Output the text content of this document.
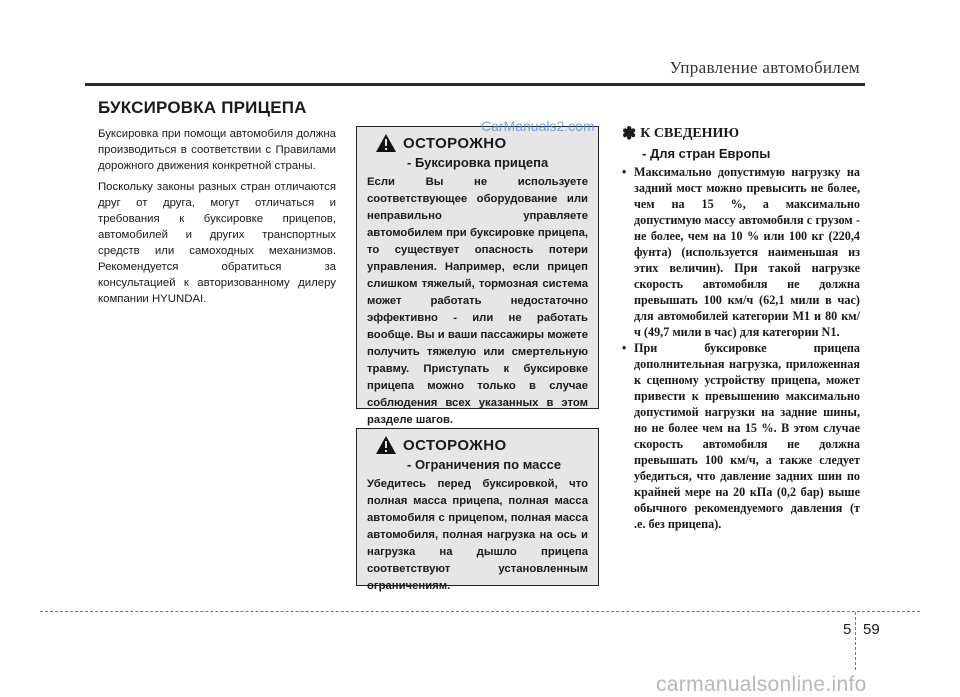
Управление автомобилем
БУКСИРОВКА ПРИЦЕПА

Буксировка при помощи автомобиля должна производиться в соответствии с Правилами дорожного движения конкретной страны.

Поскольку законы разных стран отличаются друг от друга, могут отличаться и требования к буксировке прицепов, автомобилей и других транспортных средств или самоходных механизмов. Рекомендуется обратиться за консультацией к авторизованному дилеру компании HYUNDAI.

ОСТОРОЖНО
- Буксировка прицепа
Если Вы не используете соответствующее оборудование или неправильно управляете автомобилем при буксировке прицепа, то существует опасность потери управления. Например, если прицеп слишком тяжелый, тормозная система может работать недостаточно эффективно - или не работать вообще. Вы и ваши пассажиры можете получить тяжелую или смертельную травму. Приступать к буксировке прицепа можно только в случае соблюдения всех указанных в этом разделе шагов.
ОСТОРОЖНО
- Ограничения по массе
Убедитесь перед буксировкой, что полная масса прицепа, полная масса автомобиля с прицепом, полная масса автомобиля, полная нагрузка на ось и нагрузка на дышло прицепа соответствуют установленным ограничениям.
CarManuals2.com ✽ К СВЕДЕНИЮ
- Для стран Европы

• Максимально допустимую нагрузку на задний мост можно превысить не более, чем на 15 %, а максимально допустимую массу автомобиля с грузом - не более, чем на 10 % или 100 кг (220,4 фунта) (используется наименьшая из этих величин). При такой нагрузке скорость автомобиля не должна превышать 100 км/ч (62,1 мили в час) для автомобилей категории M1 и 80 км/ч (49,7 мили в час) для категории N1.

• При буксировке прицепа дополнительная нагрузка, приложенная к сцепному устройству прицепа, может привести к превышению максимально допустимой нагрузки на задние шины, но не более чем на 15 %. В этом случае скорость автомобиля не должна превышать 100 км/ч, а также следует убедиться, что давление задних шин по крайней мере на 20 кПа (0,2 бар) выше обычного рекомендуемого давления (т .е. без прицепа).

5 59
carmanualsonline.info
